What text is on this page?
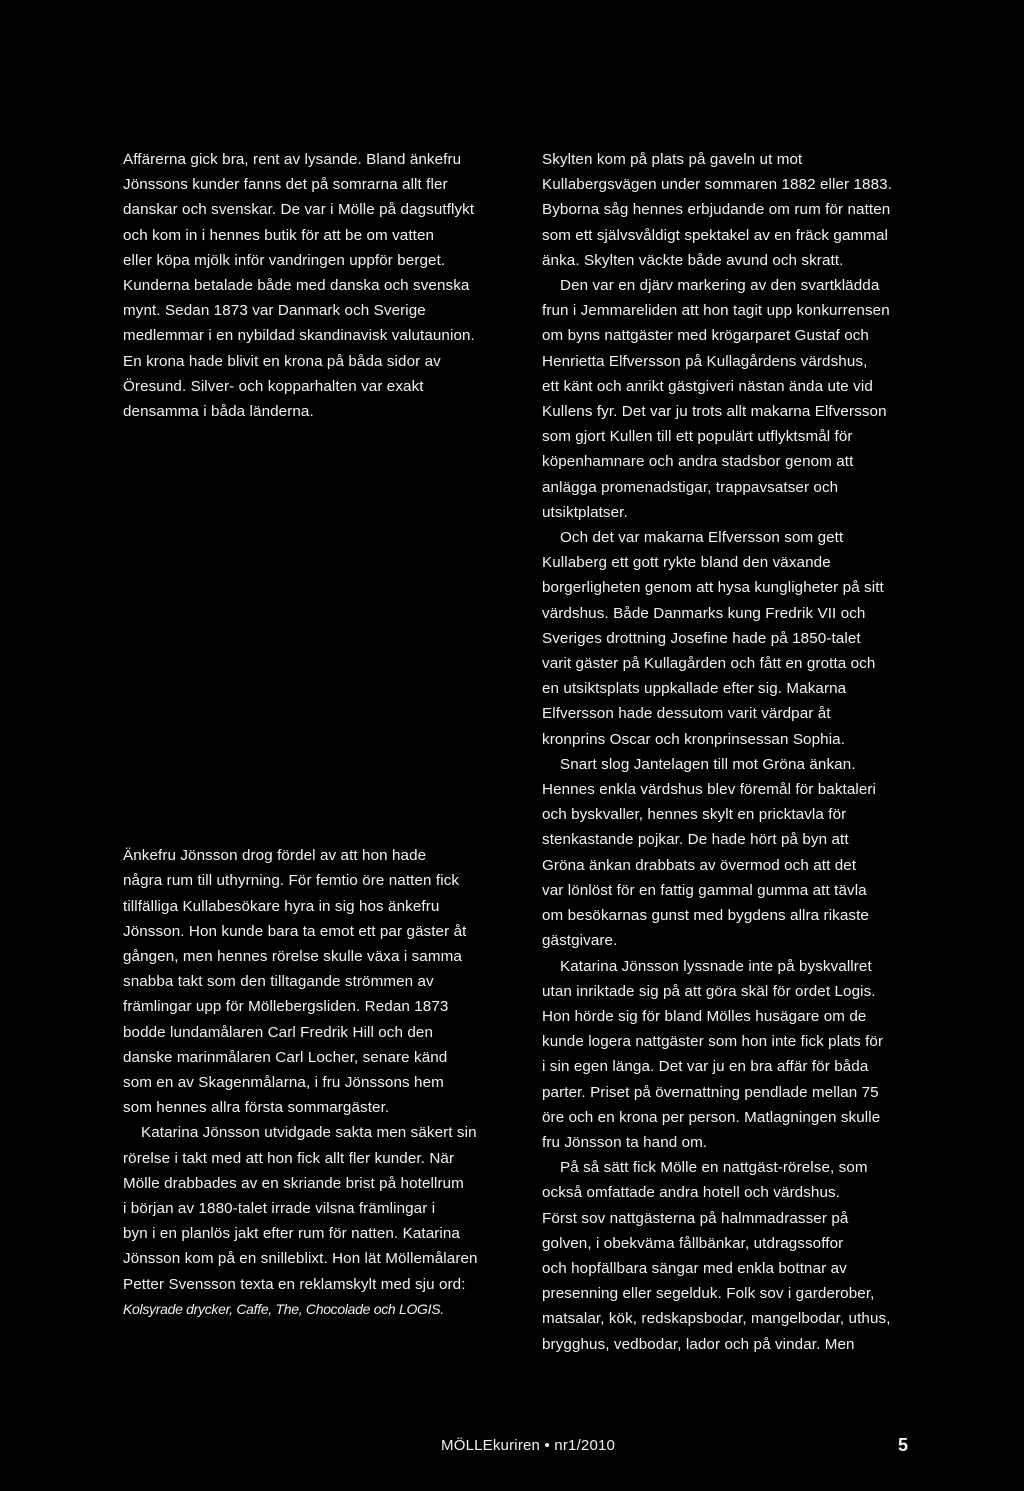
Affärerna gick bra, rent av lysande. Bland änkefru
Jönssons kunder fanns det på somrarna allt fler
danskar och svenskar. De var i Mölle på dagsutflykt
och kom in i hennes butik för att be om vatten
eller köpa mjölk inför vandringen uppför berget.
Kunderna betalade både med danska och svenska
mynt. Sedan 1873 var Danmark och Sverige
medlemmar i en nybildad skandinavisk valutaunion.
En krona hade blivit en krona på båda sidor av
Öresund. Silver- och kopparhalten var exakt
densamma i båda länderna.
Änkefru Jönsson drog fördel av att hon hade
några rum till uthyrning. För femtio öre natten fick
tillfälliga Kullabesökare hyra in sig hos änkefru
Jönsson. Hon kunde bara ta emot ett par gäster åt
gången, men hennes rörelse skulle växa i samma
snabba takt som den tilltagande strömmen av
främlingar upp för Möllebergsliden. Redan 1873
bodde lundamålaren Carl Fredrik Hill och den
danske marinmålaren Carl Locher, senare känd
som en av Skagenmålarna, i fru Jönssons hem
som hennes allra första sommargäster.
Katarina Jönsson utvidgade sakta men säkert sin
rörelse i takt med att hon fick allt fler kunder. När
Mölle drabbades av en skriande brist på hotellrum
i början av 1880-talet irrade vilsna främlingar i
byn i en planlös jakt efter rum för natten. Katarina
Jönsson kom på en snilleblixt. Hon lät Möllemålaren
Petter Svensson texta en reklamskylt med sju ord:
Kolsyrade drycker, Caffe, The, Chocolade och LOGIS.
Skylten kom på plats på gaveln ut mot
Kullabergsvägen under sommaren 1882 eller 1883.
Byborna såg hennes erbjudande om rum för natten
som ett självsvåldigt spektakel av en fräck gammal
änka. Skylten väckte både avund och skratt.
Den var en djärv markering av den svartklädda
frun i Jemmareliden att hon tagit upp konkurrensen
om byns nattgäster med krögarparet Gustaf och
Henrietta Elfversson på Kullagårdens värdshus,
ett känt och anrikt gästgiveri nästan ända ute vid
Kullens fyr. Det var ju trots allt makarna Elfversson
som gjort Kullen till ett populärt utflyktsmål för
köpenhamnare och andra stadsbor genom att
anlägga promenadstigar, trappavsatser och
utsiktplatser.
Och det var makarna Elfversson som gett
Kullaberg ett gott rykte bland den växande
borgerligheten genom att hysa kungligheter på sitt
värdshus. Både Danmarks kung Fredrik VII och
Sveriges drottning Josefine hade på 1850-talet
varit gäster på Kullagården och fått en grotta och
en utsiktsplats uppkallade efter sig. Makarna
Elfversson hade dessutom varit värdpar åt
kronprins Oscar och kronprinsessan Sophia.
Snart slog Jantelagen till mot Gröna änkan.
Hennes enkla värdshus blev föremål för baktaleri
och byskvaller, hennes skylt en pricktavla för
stenkastande pojkar. De hade hört på byn att
Gröna änkan drabbats av övermod och att det
var lönlöst för en fattig gammal gumma att tävla
om besökarnas gunst med bygdens allra rikaste
gästgivare.
Katarina Jönsson lyssnade inte på byskvallret
utan inriktade sig på att göra skäl för ordet Logis.
Hon hörde sig för bland Mölles husägare om de
kunde logera nattgäster som hon inte fick plats för
i sin egen länga. Det var ju en bra affär för båda
parter. Priset på övernattning pendlade mellan 75
öre och en krona per person. Matlagningen skulle
fru Jönsson ta hand om.
På så sätt fick Mölle en nattgäst-rörelse, som
också omfattade andra hotell och värdshus.
Först sov nattgästerna på halmmadrasser på
golven, i obekväma fållbänkar, utdragssoffor
och hopfällbara sängar med enkla bottnar av
presenning eller segelduk. Folk sov i garderober,
matsalar, kök, redskapsbodar, mangelbodar, uthus,
brygghus, vedbodar, lador och på vindar. Men
MÖLLEkuriren • nr1/2010	5
